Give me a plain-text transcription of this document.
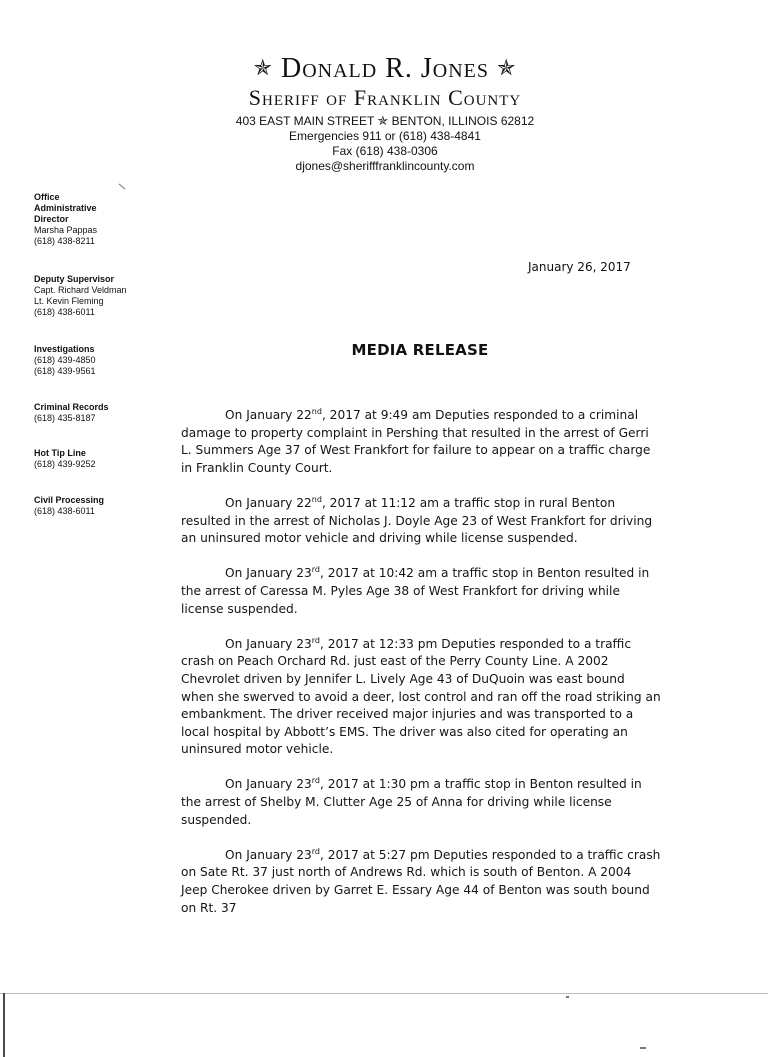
✯ Donald R. Jones ✯
Sheriff of Franklin County
403 EAST MAIN STREET ✯ BENTON, ILLINOIS 62812
Emergencies 911 or (618) 438-4841
Fax (618) 438-0306
djones@sherifffranklincounty.com
Office
Administrative
Director
Marsha Pappas
(618) 438-8211
Deputy Supervisor
Capt. Richard Veldman
Lt. Kevin Fleming
(618) 438-6011
Investigations
(618) 439-4850
(618) 439-9561
Criminal Records
(618) 435-8187
Hot Tip Line
(618) 439-9252
Civil Processing
(618) 438-6011
January 26, 2017
MEDIA RELEASE

On January 22nd, 2017 at 9:49 am Deputies responded to a criminal damage to property complaint in Pershing that resulted in the arrest of Gerri L. Summers Age 37 of West Frankfort for failure to appear on a traffic charge in Franklin County Court.

On January 22nd, 2017 at 11:12 am a traffic stop in rural Benton resulted in the arrest of Nicholas J. Doyle Age 23 of West Frankfort for driving an uninsured motor vehicle and driving while license suspended.

On January 23rd, 2017 at 10:42 am a traffic stop in Benton resulted in the arrest of Caressa M. Pyles Age 38 of West Frankfort for driving while license suspended.

On January 23rd, 2017 at 12:33 pm Deputies responded to a traffic crash on Peach Orchard Rd. just east of the Perry County Line. A 2002 Chevrolet driven by Jennifer L. Lively Age 43 of DuQuoin was east bound when she swerved to avoid a deer, lost control and ran off the road striking an embankment. The driver received major injuries and was transported to a local hospital by Abbott’s EMS. The driver was also cited for operating an uninsured motor vehicle.

On January 23rd, 2017 at 1:30 pm a traffic stop in Benton resulted in the arrest of Shelby M. Clutter Age 25 of Anna for driving while license suspended.

On January 23rd, 2017 at 5:27 pm Deputies responded to a traffic crash on Sate Rt. 37 just north of Andrews Rd. which is south of Benton. A 2004 Jeep Cherokee driven by Garret E. Essary Age 44 of Benton was south bound on Rt. 37
